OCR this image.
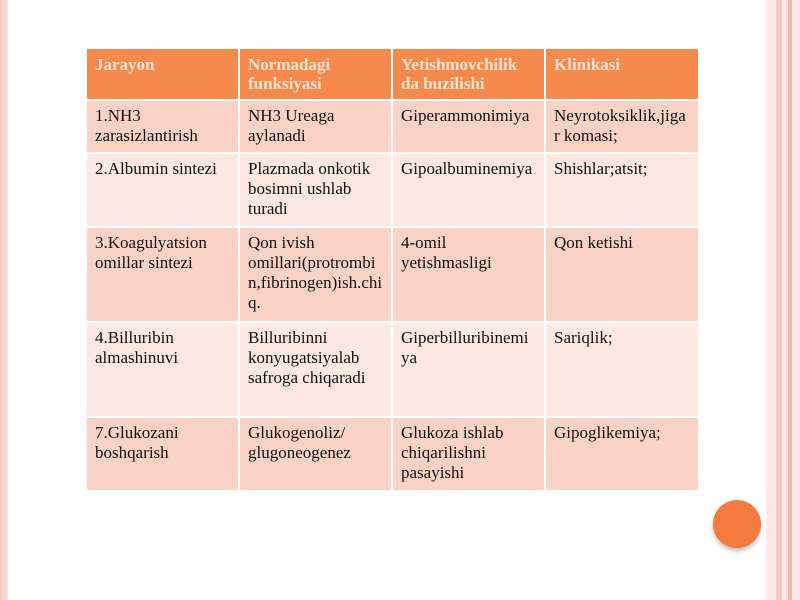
Jarayon	Normadagi funksiyasi	Yetishmovchilik da buzilishi	Klinikasi
1.NH3 zarasizlantirish	NH3 Ureaga aylanadi	Giperammonimiya	Neyrotoksiklik,jigar komasi;
2.Albumin sintezi	Plazmada onkotik bosimni ushlab turadi	Gipoalbuminemiya	Shishlar;atsit;
3.Koagulyatsion omillar sintezi	Qon ivish omillari(protrombin,fibrinogen)ish.chiq.	4-omil yetishmasligi	Qon ketishi
4.Billuribin almashinuvi	Billuribinni konyugatsiyalab safroga chiqaradi	Giperbilluribinemiya	Sariqlik;
7.Glukozani boshqarish	Glukogenoliz/ glugoneogenez	Glukoza ishlab chiqarilishni pasayishi	Gipoglikemiya;
